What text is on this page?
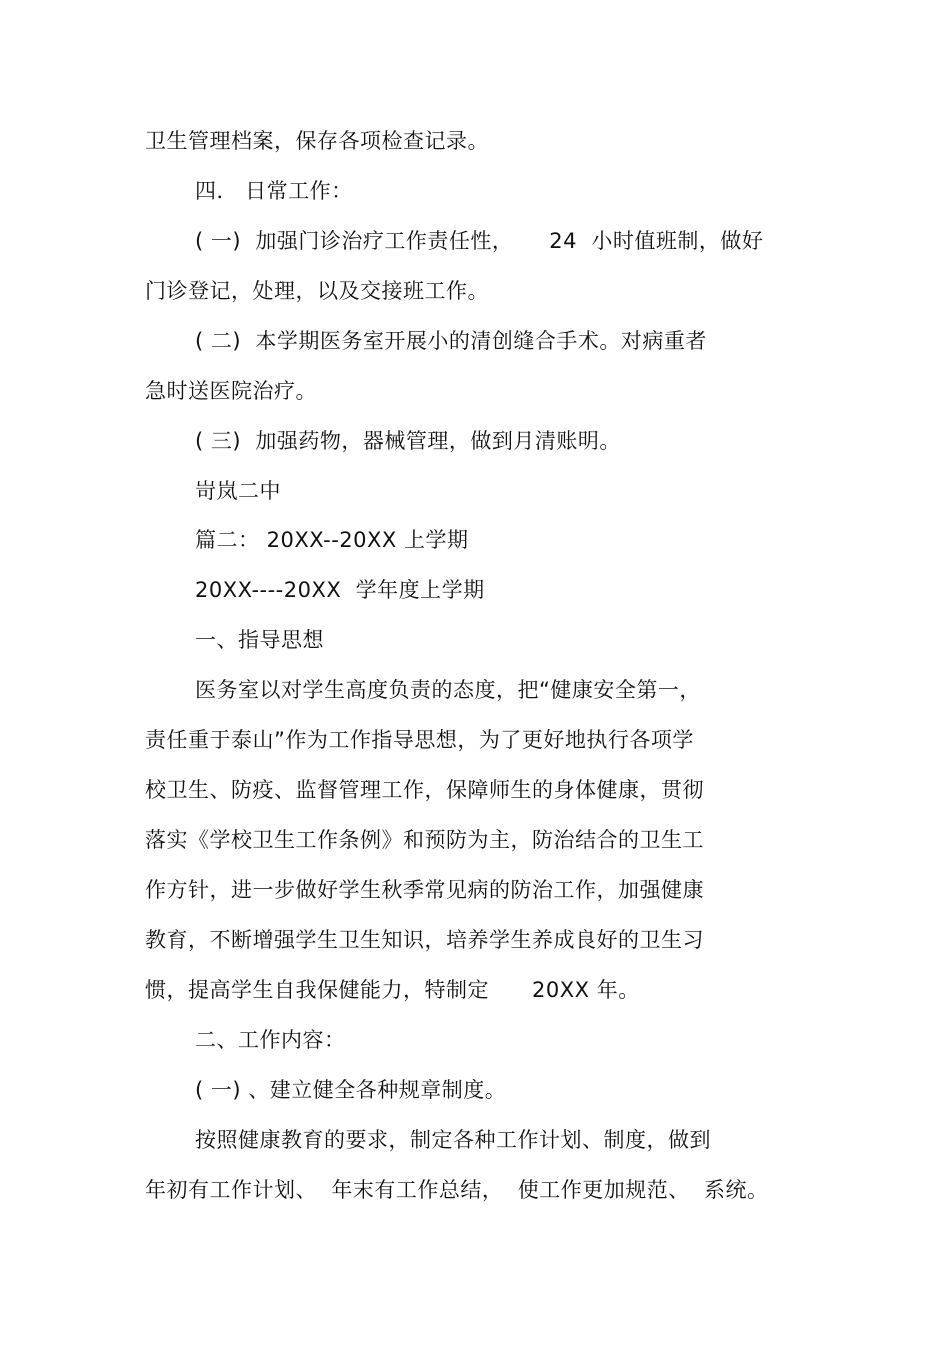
卫生管理档案，保存各项检查记录。
四． 日常工作：
( 一)  加强门诊治疗工作责任性，     24  小时值班制，做好
门诊登记，处理，以及交接班工作。
( 二)  本学期医务室开展小的清创缝合手术。对病重者
急时送医院治疗。
( 三)  加强药物，器械管理，做到月清账明。
岢岚二中
篇二： 20XX--20XX 上学期
20XX----20XX  学年度上学期
一、指导思想
医务室以对学生高度负责的态度，把“健康安全第一，
责任重于泰山”作为工作指导思想，为了更好地执行各项学
校卫生、防疫、监督管理工作，保障师生的身体健康，贯彻
落实《学校卫生工作条例》和预防为主，防治结合的卫生工
作方针，进一步做好学生秋季常见病的防治工作，加强健康
教育，不断增强学生卫生知识，培养学生养成良好的卫生习
惯，提高学生自我保健能力，特制定      20XX 年。
二、工作内容：
( 一) 、建立健全各种规章制度。
按照健康教育的要求，制定各种工作计划、制度，做到
年初有工作计划、  年末有工作总结，  使工作更加规范、  系统。
